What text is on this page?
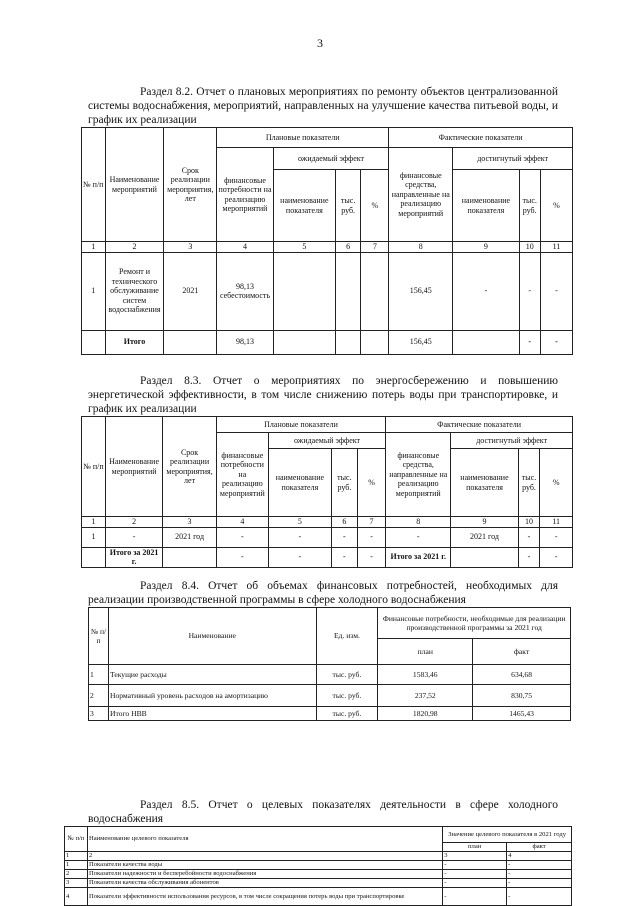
3
Раздел 8.2. Отчет о плановых мероприятиях по ремонту объектов централизованной системы водоснабжения, мероприятий, направленных на улучшение качества питьевой воды, и график их реализации
№ п/п	Наименование мероприятий	Срок реализации мероприятия, лет	Плановые показатели				Фактические показатели			
			финансовые потребности на реализацию мероприятий	ожидаемый эффект			финансовые средства, направленные на реализацию мероприятий	достигнутый эффект		
				наименование показателя	тыс. руб.	%		наименование показателя	тыс. руб.	%
1	2	3	4	5	6	7	8	9	10	11
1	Ремонт и технического обслуживание систем водоснабжения	2021	98,13 себестоимость				156,45	-	-	-
	Итого		98,13				156,45		-	-
Раздел 8.3. Отчет о мероприятиях по энергосбережению и повышению энергетической эффективности, в том числе снижению потерь воды при транспортировке, и график их реализации
№ п/п	Наименование мероприятий	Срок реализации мероприятия, лет	Плановые показатели				Фактические показатели			
			финансовые потребности на реализацию мероприятий	ожидаемый эффект			финансовые средства, направленные на реализацию мероприятий	достигнутый эффект		
				наименование показателя	тыс. руб.	%		наименование показателя	тыс. руб.	%
1	2	3	4	5	6	7	8	9	10	11
1	-	2021 год	-	-	-	-	-	2021 год	-	-
	Итого за 2021 г.		-	-	-	-	Итого за 2021 г.		-	-
Раздел 8.4. Отчет об объемах финансовых потребностей, необходимых для реализации производственной программы в сфере холодного водоснабжения
№ п/п	Наименование	Ед. изм.	Финансовые потребности, необходимые для реализации производственной программы за 2021 год	
			план	факт
1	Текущие расходы	тыс. руб.	1583,46	634,68
2	Нормативный уровень расходов на амортизацию	тыс. руб.	237,52	830,75
3	Итого НВВ	тыс. руб.	1820,98	1465,43
Раздел 8.5. Отчет о целевых показателях деятельности в сфере холодного водоснабжения
№ п/п	Наименование целевого показателя	Значение целевого показателя в 2021 году	
		план	факт
1	2	3	4
1	Показатели качества воды	-	-
2	Показатели надежности и бесперебойности водоснабжения	-	-
3	Показатели качества обслуживания абонентов	-	-
4	Показатели эффективности использования ресурсов, в том числе сокращения потерь воды при транспортировке	-	-
